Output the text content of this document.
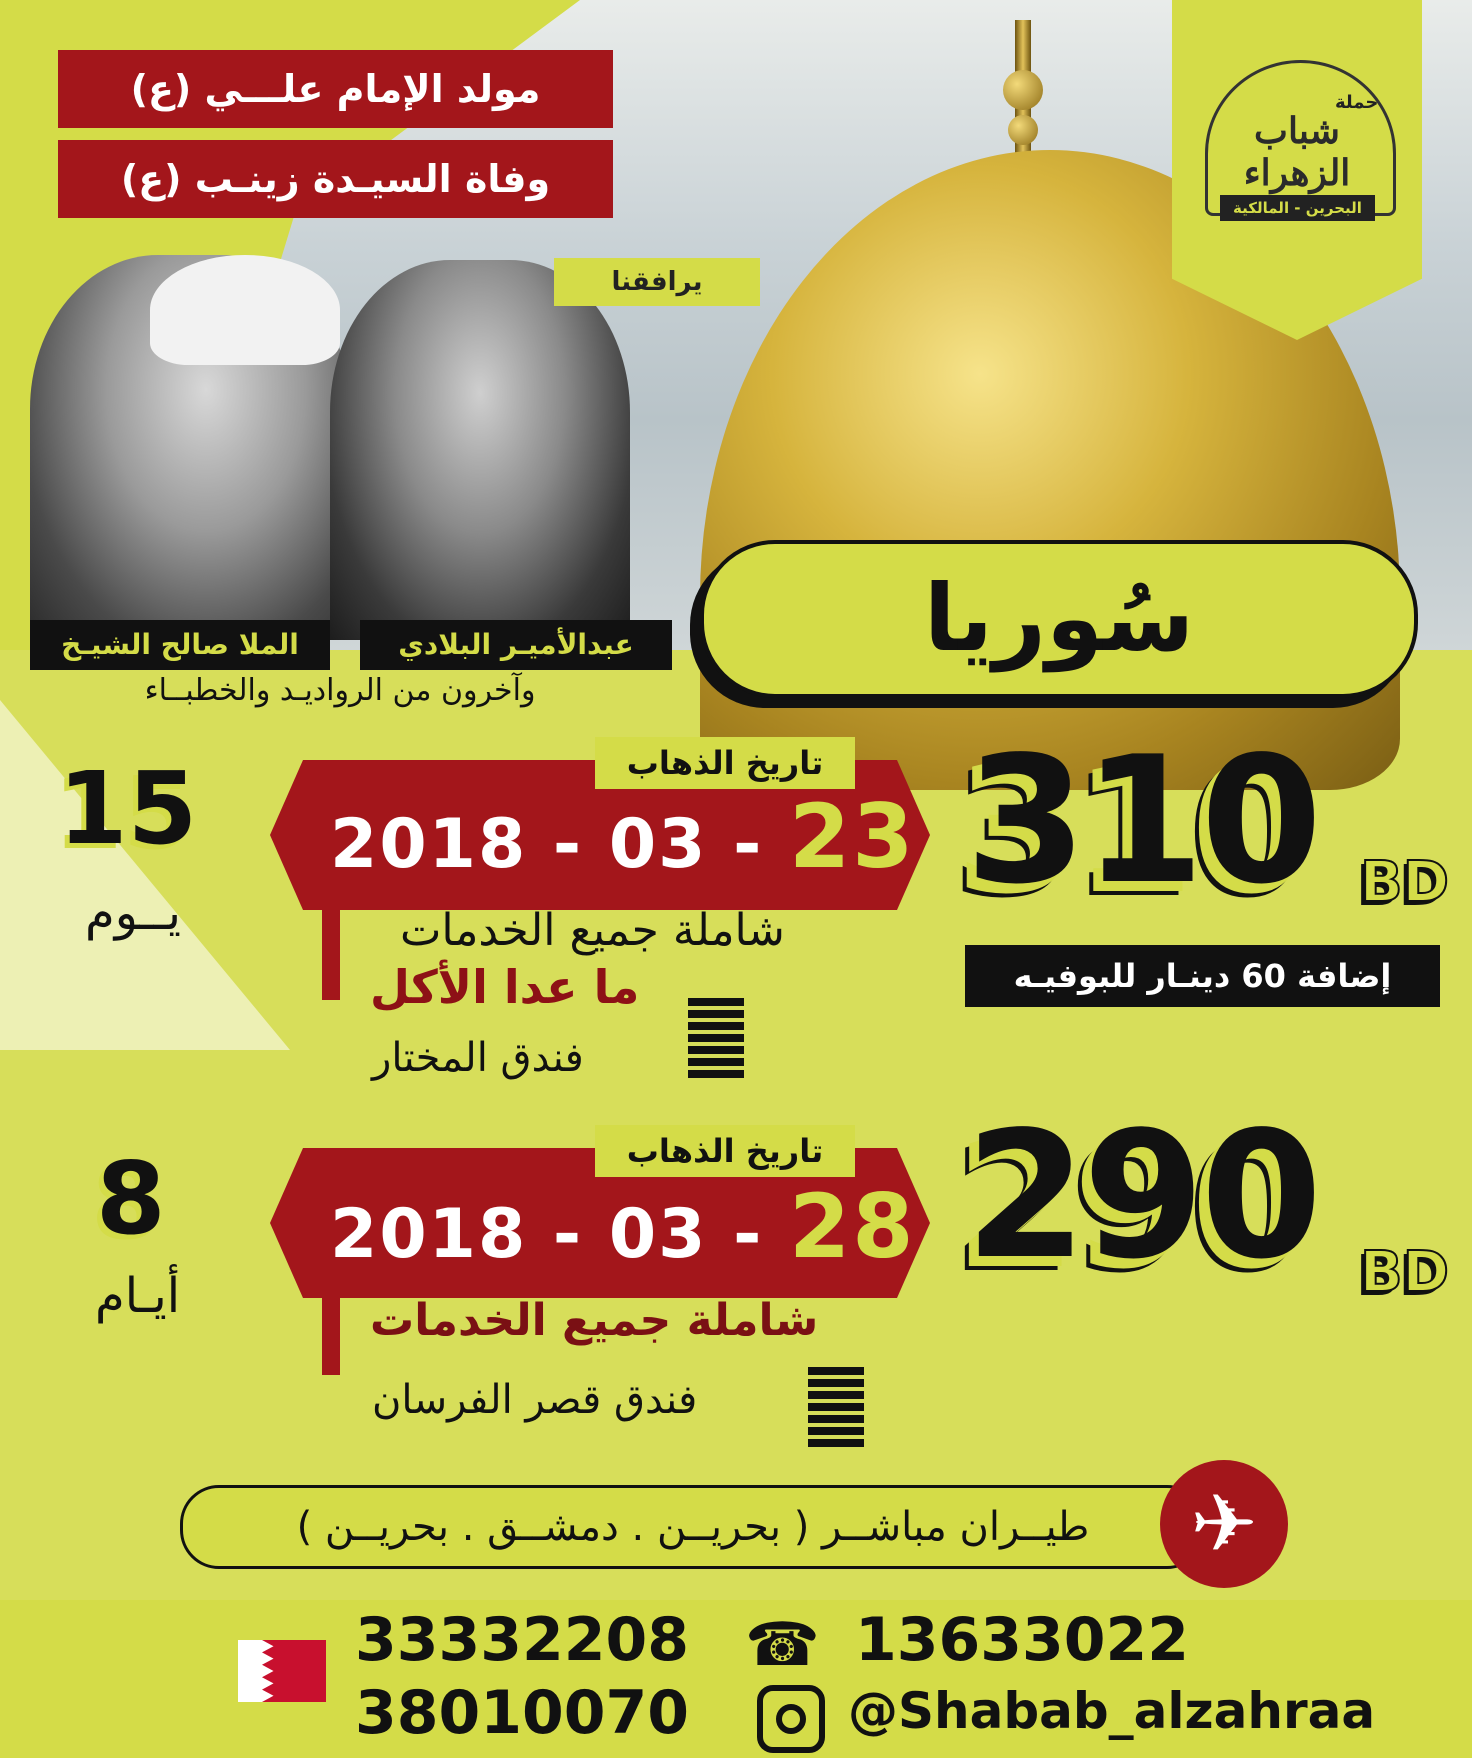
حملة
شباب الزهراء
البحرين - المالكية
مولد الإمام علـــي (ع)
وفاة السيـدة زينـب (ع)
يرافقنا
عبدالأميـر البلادي
الملا صالح الشيـخ
وآخرون من الرواديـد والخطبــاء
سُوريا
310 BD
إضافة 60 دينـار للبوفيـه
تاريخ الذهاب
2018 - 03 - 23
شاملة جميع الخدمات
ما عدا الأكل
فندق المختار
15
يــوم
290 BD
تاريخ الذهاب
2018 - 03 - 28
شاملة جميع الخدمات
فندق قصر الفرسان
8
أيـام
طيــران مباشــر ( بحريــن . دمشــق . بحريــن )	✈
33332208
38010070
☎ 13633022
@Shabab_alzahraa
